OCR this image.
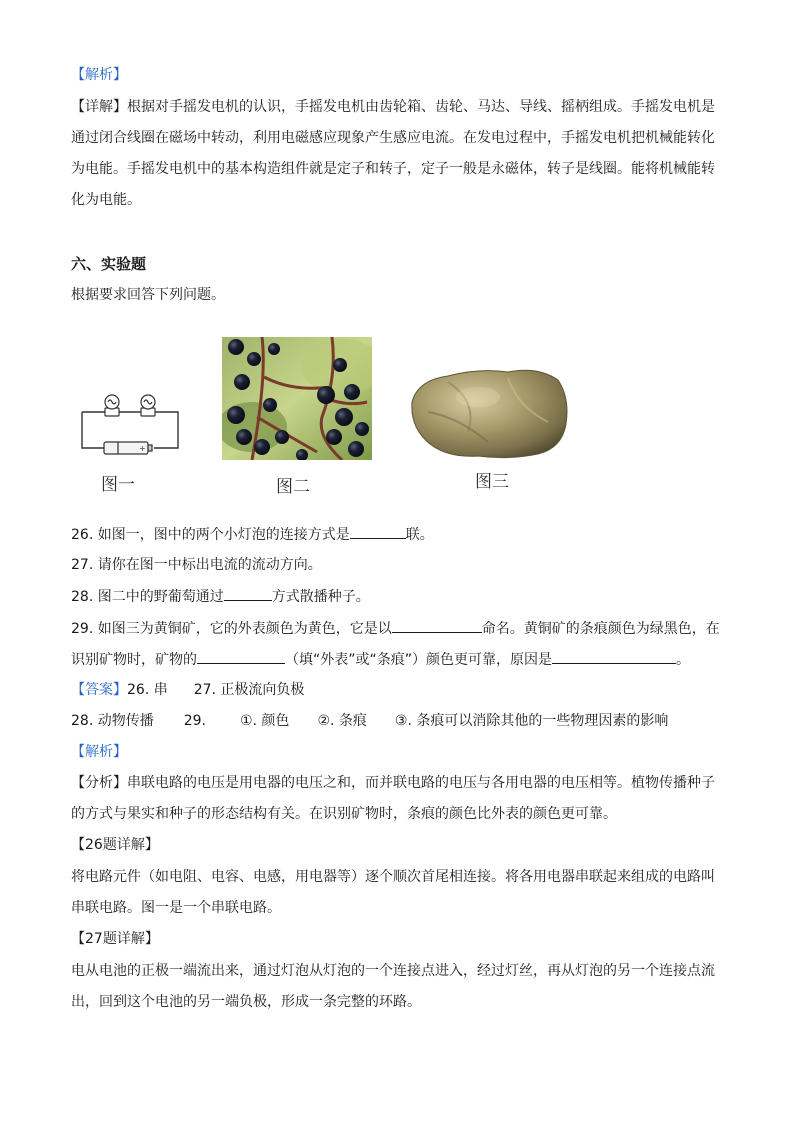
【解析】
【详解】根据对手摇发电机的认识，手摇发电机由齿轮箱、齿轮、马达、导线、摇柄组成。手摇发电机是
通过闭合线圈在磁场中转动，利用电磁感应现象产生感应电流。在发电过程中，手摇发电机把机械能转化
为电能。手摇发电机中的基本构造组件就是定子和转子，定子一般是永磁体，转子是线圈。能将机械能转
化为电能。
六、实验题
根据要求回答下列问题。
+
图一	图二	图三
26. 如图一，图中的两个小灯泡的连接方式是	联。
27. 请你在图一中标出电流的流动方向。
28. 图二中的野葡萄通过	方式散播种子。
29. 如图三为黄铜矿，它的外表颜色为黄色，它是以	命名。黄铜矿的条痕颜色为绿黑色，在
识别矿物时，矿物的	（填“外表”或“条痕”）颜色更可靠，原因是	。
【答案】26. 串 27. 正极流向负极
28. 动物传播 29. ①. 颜色 ②. 条痕 ③. 条痕可以消除其他的一些物理因素的影响
【解析】
【分析】串联电路的电压是用电器的电压之和，而并联电路的电压与各用电器的电压相等。植物传播种子
的方式与果实和种子的形态结构有关。在识别矿物时，条痕的颜色比外表的颜色更可靠。
【26题详解】
将电路元件（如电阻、电容、电感，用电器等）逐个顺次首尾相连接。将各用电器串联起来组成的电路叫
串联电路。图一是一个串联电路。
【27题详解】
电从电池的正极一端流出来，通过灯泡从灯泡的一个连接点进入，经过灯丝，再从灯泡的另一个连接点流
出，回到这个电池的另一端负极，形成一条完整的环路。
